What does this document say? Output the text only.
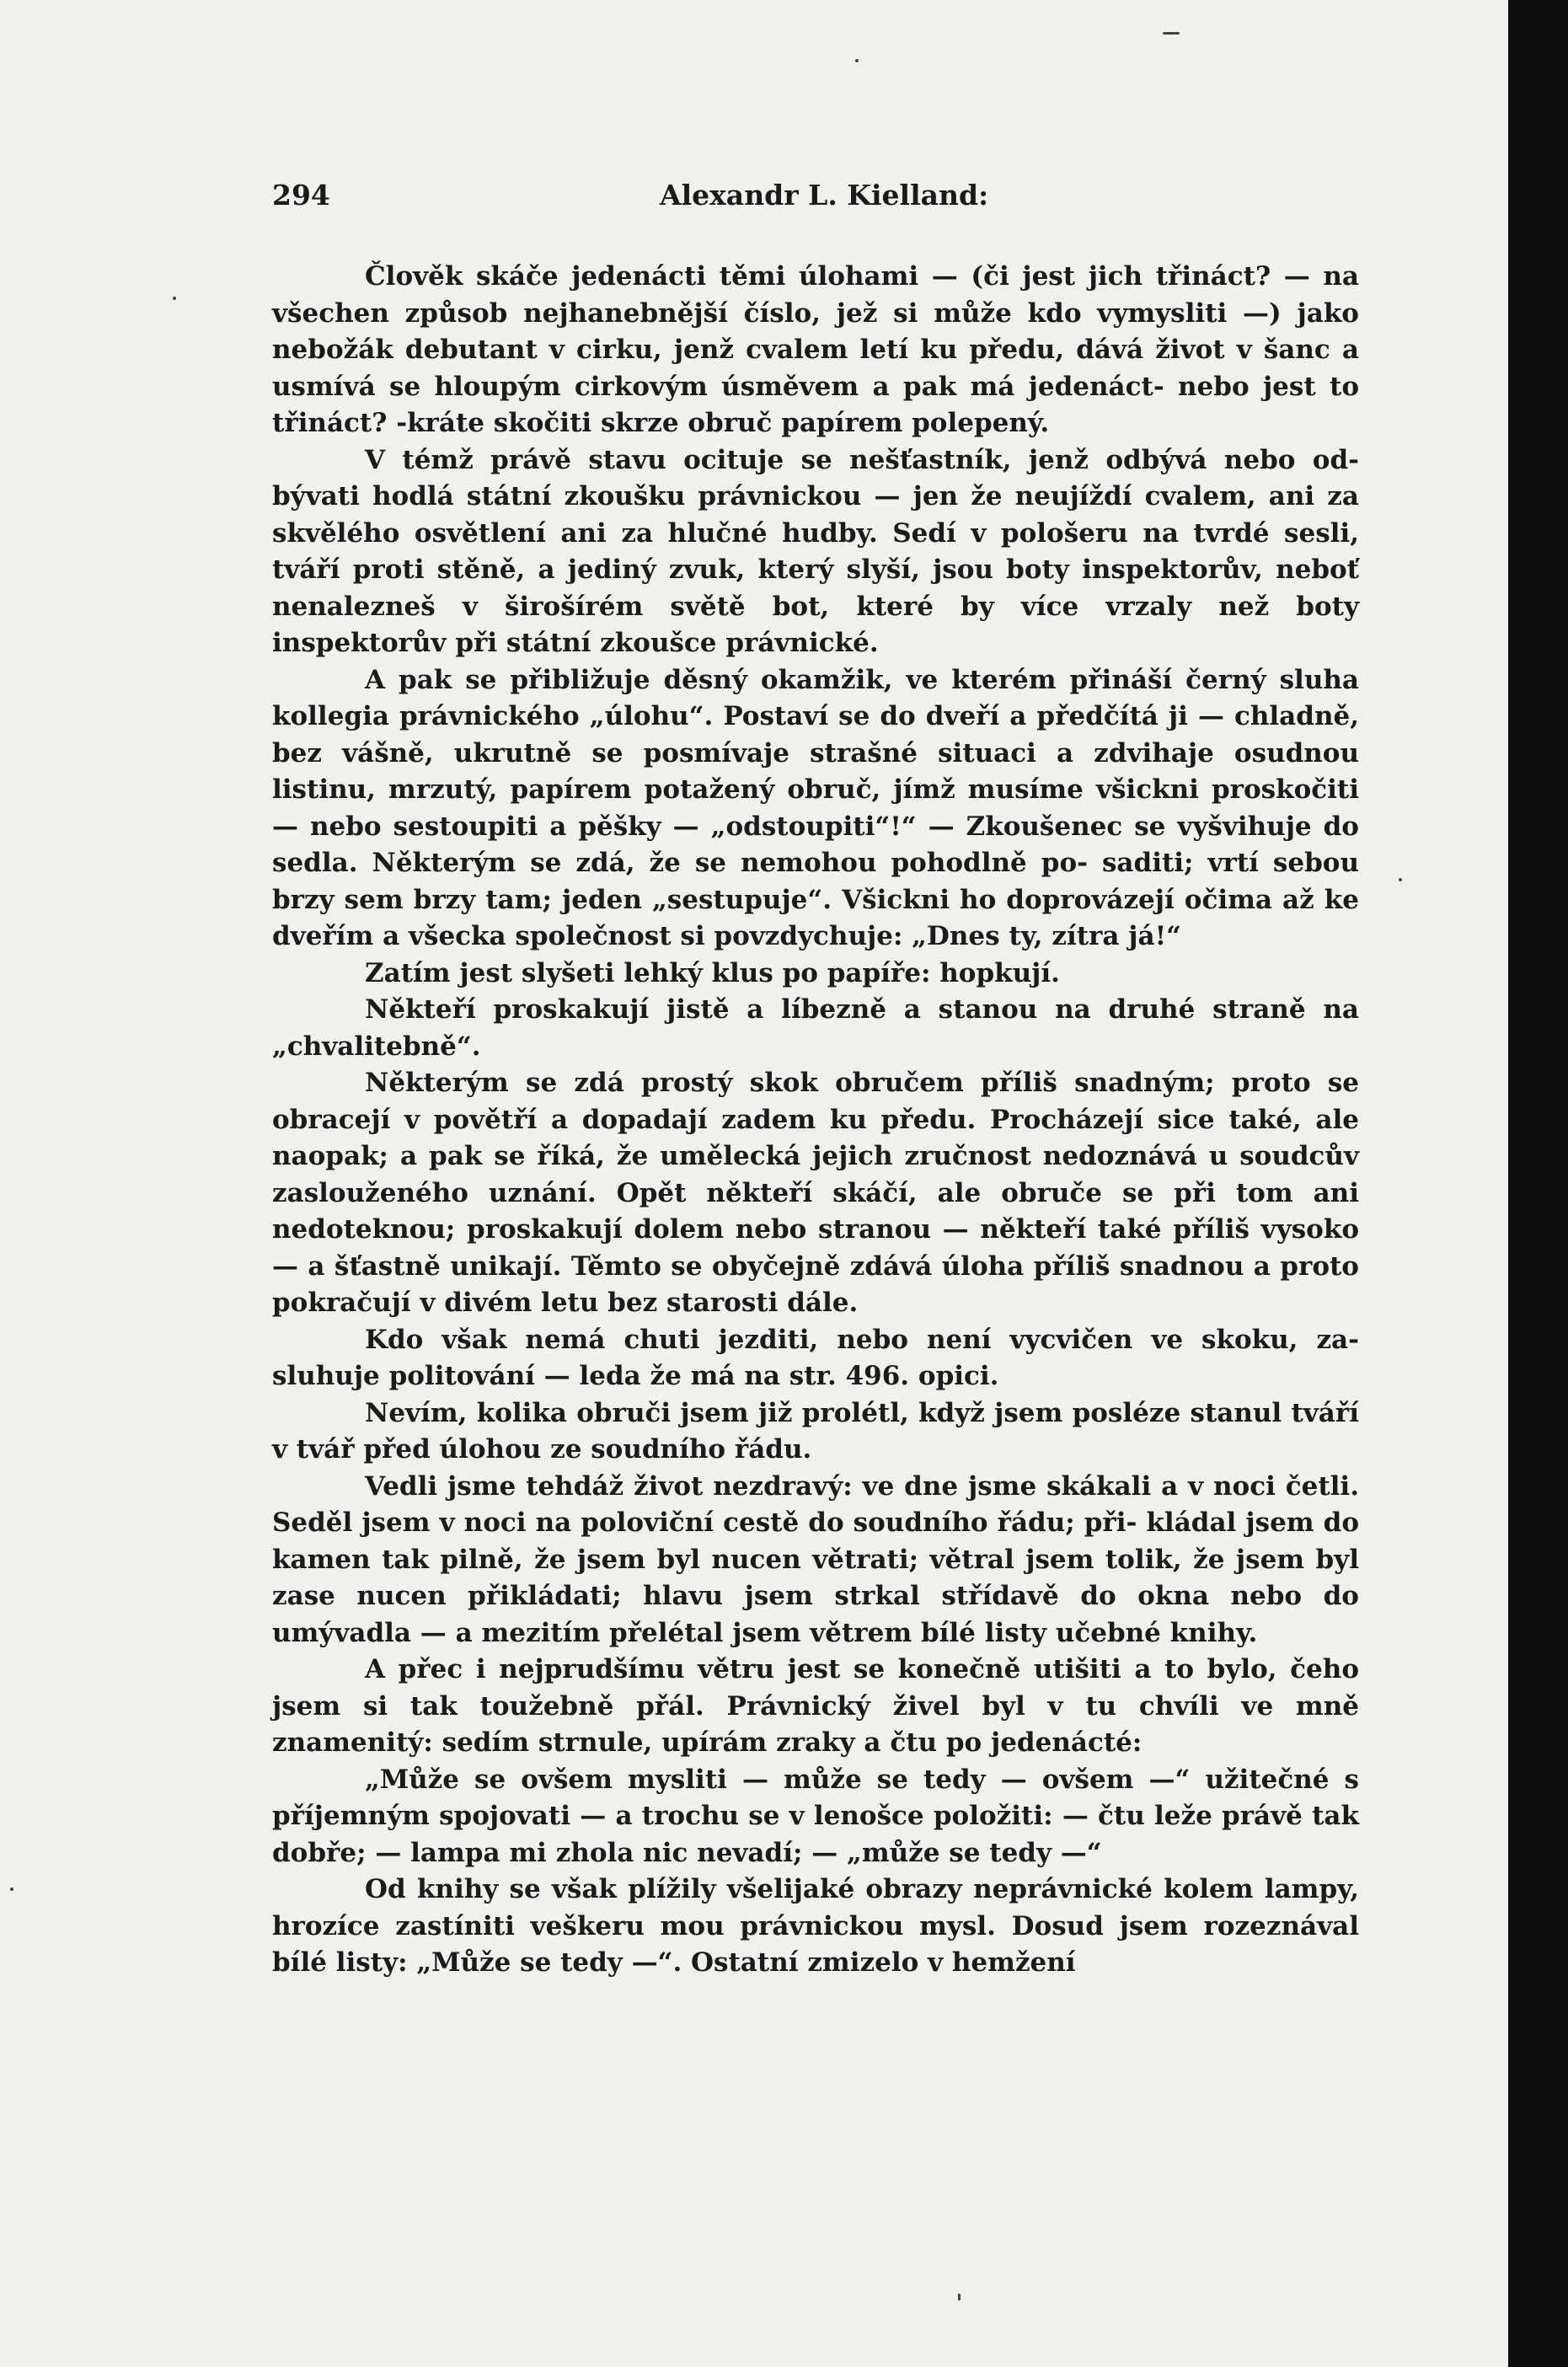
294	Alexandr L. Kielland:

Člověk skáče jedenácti těmi úlohami — (či jest jich třináct? — na všechen způsob nejhanebnější číslo, jež si může kdo vymysliti —) jako nebožák debutant v cirku, jenž cvalem letí ku předu, dává život v šanc a usmívá se hloupým cirkovým úsměvem a pak má jedenáct- nebo jest to třináct? -kráte skočiti skrze obruč papírem polepený.

V témž právě stavu ocituje se nešťastník, jenž odbývá nebo od- bývati hodlá státní zkoušku právnickou — jen že neujíždí cvalem, ani za skvělého osvětlení ani za hlučné hudby. Sedí v pološeru na tvrdé sesli, tváří proti stěně, a jediný zvuk, který slyší, jsou boty inspektorův, neboť nenalezneš v širošírém světě bot, které by více vrzaly než boty inspektorův při státní zkoušce právnické.

A pak se přibližuje děsný okamžik, ve kterém přináší černý sluha kollegia právnického „úlohu“. Postaví se do dveří a předčítá ji — chladně, bez vášně, ukrutně se posmívaje strašné situaci a zdvihaje osudnou listinu, mrzutý, papírem potažený obruč, jímž musíme všickni proskočiti — nebo sestoupiti a pěšky — „odstoupiti“!“ — Zkoušenec se vyšvihuje do sedla. Některým se zdá, že se nemohou pohodlně po- saditi; vrtí sebou brzy sem brzy tam; jeden „sestupuje“. Všickni ho doprovázejí očima až ke dveřím a všecka společnost si povzdychuje: „Dnes ty, zítra já!“

Zatím jest slyšeti lehký klus po papíře: hopkují.

Někteří proskakují jistě a líbezně a stanou na druhé straně na „chvalitebně“.

Některým se zdá prostý skok obručem příliš snadným; proto se obracejí v povětří a dopadají zadem ku předu. Procházejí sice také, ale naopak; a pak se říká, že umělecká jejich zručnost nedoznává u soudcův zaslouženého uznání. Opět někteří skáčí, ale obruče se při tom ani nedoteknou; proskakují dolem nebo stranou — někteří také příliš vysoko — a šťastně unikají. Těmto se obyčejně zdává úloha příliš snadnou a proto pokračují v divém letu bez starosti dále.

Kdo však nemá chuti jezditi, nebo není vycvičen ve skoku, za- sluhuje politování — leda že má na str. 496. opici.

Nevím, kolika obruči jsem již prolétl, když jsem posléze stanul tváří v tvář před úlohou ze soudního řádu.

Vedli jsme tehdáž život nezdravý: ve dne jsme skákali a v noci četli. Seděl jsem v noci na poloviční cestě do soudního řádu; při- kládal jsem do kamen tak pilně, že jsem byl nucen větrati; větral jsem tolik, že jsem byl zase nucen přikládati; hlavu jsem strkal střídavě do okna nebo do umývadla — a mezitím přelétal jsem větrem bílé listy učebné knihy.

A přec i nejprudšímu větru jest se konečně utišiti a to bylo, čeho jsem si tak toužebně přál. Právnický živel byl v tu chvíli ve mně znamenitý: sedím strnule, upírám zraky a čtu po jedenácté:

„Může se ovšem mysliti — může se tedy — ovšem —“ užitečné s příjemným spojovati — a trochu se v lenošce položiti: — čtu leže právě tak dobře; — lampa mi zhola nic nevadí; — „může se tedy —“

Od knihy se však plížily všelijaké obrazy neprávnické kolem lampy, hrozíce zastíniti veškeru mou právnickou mysl. Dosud jsem rozeznával bílé listy: „Může se tedy —“. Ostatní zmizelo v hemžení
